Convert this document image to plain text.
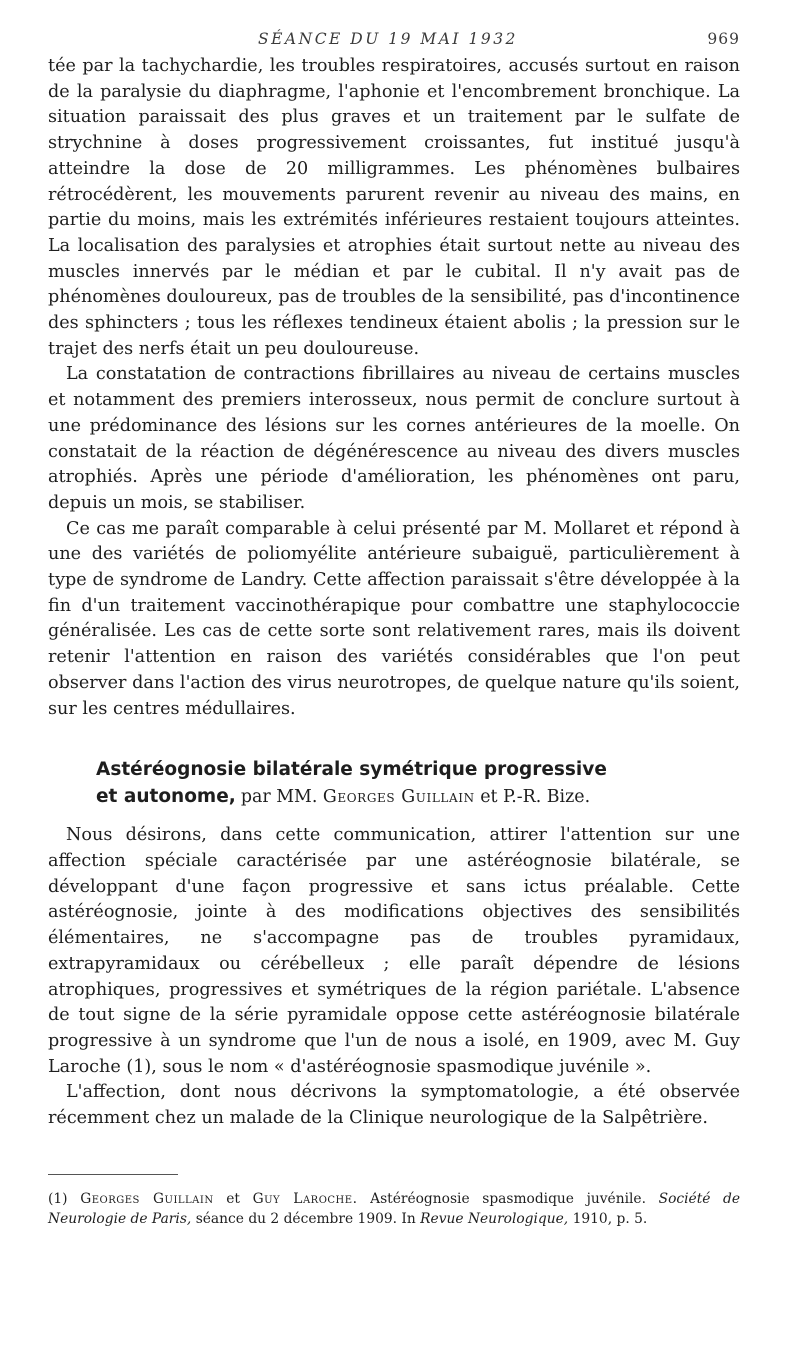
SÉANCE DU 19 MAI 1932	969

tée par la tachychardie, les troubles respiratoires, accusés surtout en raison de la paralysie du diaphragme, l'aphonie et l'encombrement bronchique. La situation paraissait des plus graves et un traitement par le sulfate de strychnine à doses progressivement croissantes, fut institué jusqu'à atteindre la dose de 20 milligrammes. Les phénomènes bulbaires rétrocédèrent, les mouvements parurent revenir au niveau des mains, en partie du moins, mais les extrémités inférieures restaient toujours atteintes. La localisation des paralysies et atrophies était surtout nette au niveau des muscles innervés par le médian et par le cubital. Il n'y avait pas de phénomènes douloureux, pas de troubles de la sensibilité, pas d'incontinence des sphincters ; tous les réflexes tendineux étaient abolis ; la pression sur le trajet des nerfs était un peu douloureuse.

La constatation de contractions fibrillaires au niveau de certains muscles et notamment des premiers interosseux, nous permit de conclure surtout à une prédominance des lésions sur les cornes antérieures de la moelle. On constatait de la réaction de dégénérescence au niveau des divers muscles atrophiés. Après une période d'amélioration, les phénomènes ont paru, depuis un mois, se stabiliser.

Ce cas me paraît comparable à celui présenté par M. Mollaret et répond à une des variétés de poliomyélite antérieure subaiguë, particulièrement à type de syndrome de Landry. Cette affection paraissait s'être développée à la fin d'un traitement vaccinothérapique pour combattre une staphylococcie généralisée. Les cas de cette sorte sont relativement rares, mais ils doivent retenir l'attention en raison des variétés considérables que l'on peut observer dans l'action des virus neurotropes, de quelque nature qu'ils soient, sur les centres médullaires.

Astéréognosie bilatérale symétrique progressive
et autonome, par MM. Georges Guillain et P.-R. Bize.

Nous désirons, dans cette communication, attirer l'attention sur une affection spéciale caractérisée par une astéréognosie bilatérale, se développant d'une façon progressive et sans ictus préalable. Cette astéréognosie, jointe à des modifications objectives des sensibilités élémentaires, ne s'accompagne pas de troubles pyramidaux, extrapyramidaux ou cérébelleux ; elle paraît dépendre de lésions atrophiques, progressives et symétriques de la région pariétale. L'absence de tout signe de la série pyramidale oppose cette astéréognosie bilatérale progressive à un syndrome que l'un de nous a isolé, en 1909, avec M. Guy Laroche (1), sous le nom « d'astéréognosie spasmodique juvénile ».

L'affection, dont nous décrivons la symptomatologie, a été observée récemment chez un malade de la Clinique neurologique de la Salpêtrière.

(1) Georges Guillain et Guy Laroche. Astéréognosie spasmodique juvénile. Société de Neurologie de Paris, séance du 2 décembre 1909. In Revue Neurologique, 1910, p. 5.
